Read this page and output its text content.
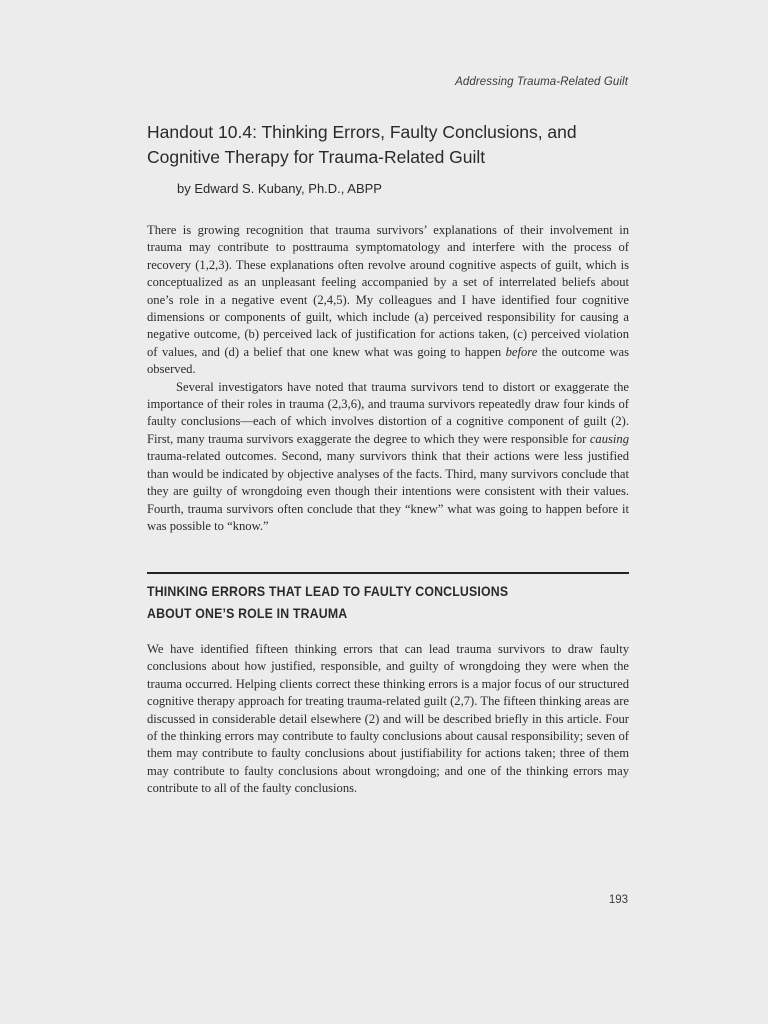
Addressing Trauma-Related Guilt
Handout 10.4: Thinking Errors, Faulty Conclusions, and Cognitive Therapy for Trauma-Related Guilt
by Edward S. Kubany, Ph.D., ABPP

There is growing recognition that trauma survivors’ explanations of their involvement in trauma may contribute to posttrauma symptomatology and interfere with the process of recovery (1,2,3). These explanations often revolve around cognitive aspects of guilt, which is conceptualized as an unpleasant feeling accompanied by a set of interrelated beliefs about one’s role in a negative event (2,4,5). My colleagues and I have identified four cognitive dimensions or components of guilt, which include (a) perceived responsibility for causing a negative outcome, (b) perceived lack of justification for actions taken, (c) perceived violation of values, and (d) a belief that one knew what was going to happen before the outcome was observed.

Several investigators have noted that trauma survivors tend to distort or exaggerate the importance of their roles in trauma (2,3,6), and trauma survivors repeatedly draw four kinds of faulty conclusions—each of which involves distortion of a cognitive component of guilt (2). First, many trauma survivors exaggerate the degree to which they were responsible for causing trauma-related outcomes. Second, many survivors think that their actions were less justified than would be indicated by objective analyses of the facts. Third, many survivors conclude that they are guilty of wrongdoing even though their intentions were consistent with their values. Fourth, trauma survivors often conclude that they “knew” what was going to happen before it was possible to “know.”

THINKING ERRORS THAT LEAD TO FAULTY CONCLUSIONS ABOUT ONE’S ROLE IN TRAUMA

We have identified fifteen thinking errors that can lead trauma survivors to draw faulty conclusions about how justified, responsible, and guilty of wrongdoing they were when the trauma occurred. Helping clients correct these thinking errors is a major focus of our structured cognitive therapy approach for treating trauma-related guilt (2,7). The fifteen thinking areas are discussed in considerable detail elsewhere (2) and will be described briefly in this article. Four of the thinking errors may contribute to faulty conclusions about causal responsibility; seven of them may contribute to faulty conclusions about justifiability for actions taken; three of them may contribute to faulty conclusions about wrongdoing; and one of the thinking errors may contribute to all of the faulty conclusions.

193
